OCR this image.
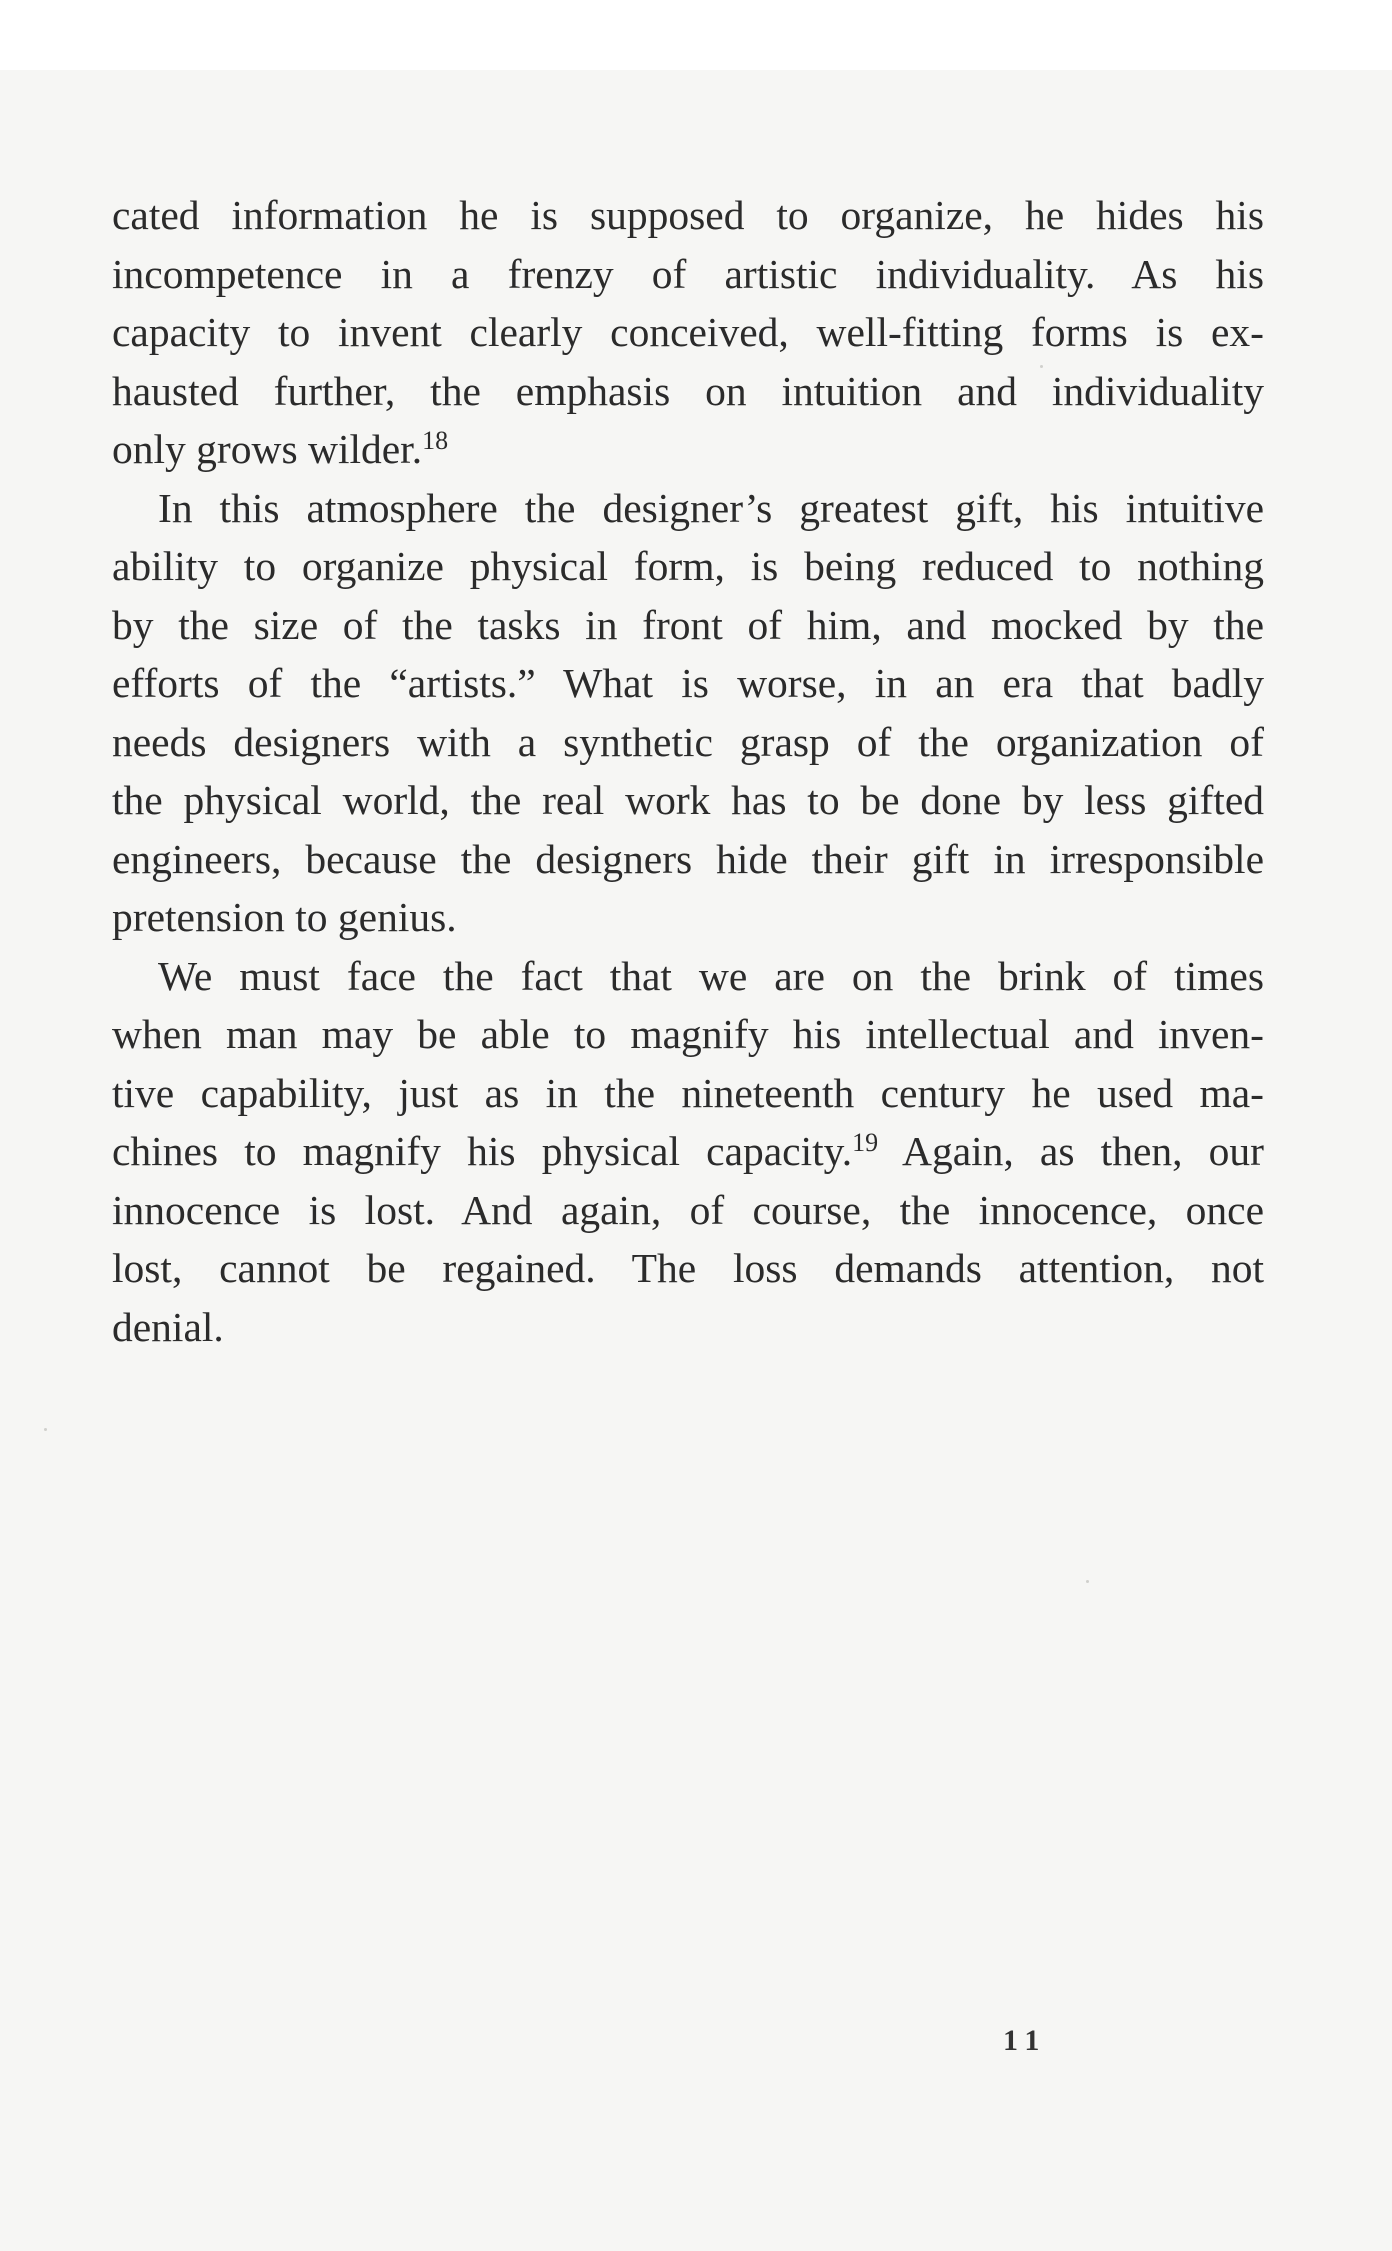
cated information he is supposed to organize, he hides his
incompetence in a frenzy of artistic individuality. As his
capacity to invent clearly conceived, well-fitting forms is ex-
hausted further, the emphasis on intuition and individuality
only grows wilder.$^{18}$

In this atmosphere the designer’s greatest gift, his intuitive
ability to organize physical form, is being reduced to nothing
by the size of the tasks in front of him, and mocked by the
efforts of the “artists.” What is worse, in an era that badly
needs designers with a synthetic grasp of the organization of
the physical world, the real work has to be done by less gifted
engineers, because the designers hide their gift in irresponsible
pretension to genius.

We must face the fact that we are on the brink of times
when man may be able to magnify his intellectual and inven-
tive capability, just as in the nineteenth century he used ma-
chines to magnify his physical capacity.$^{19}$ Again, as then, our
innocence is lost. And again, of course, the innocence, once
lost, cannot be regained. The loss demands attention, not
denial.

11
